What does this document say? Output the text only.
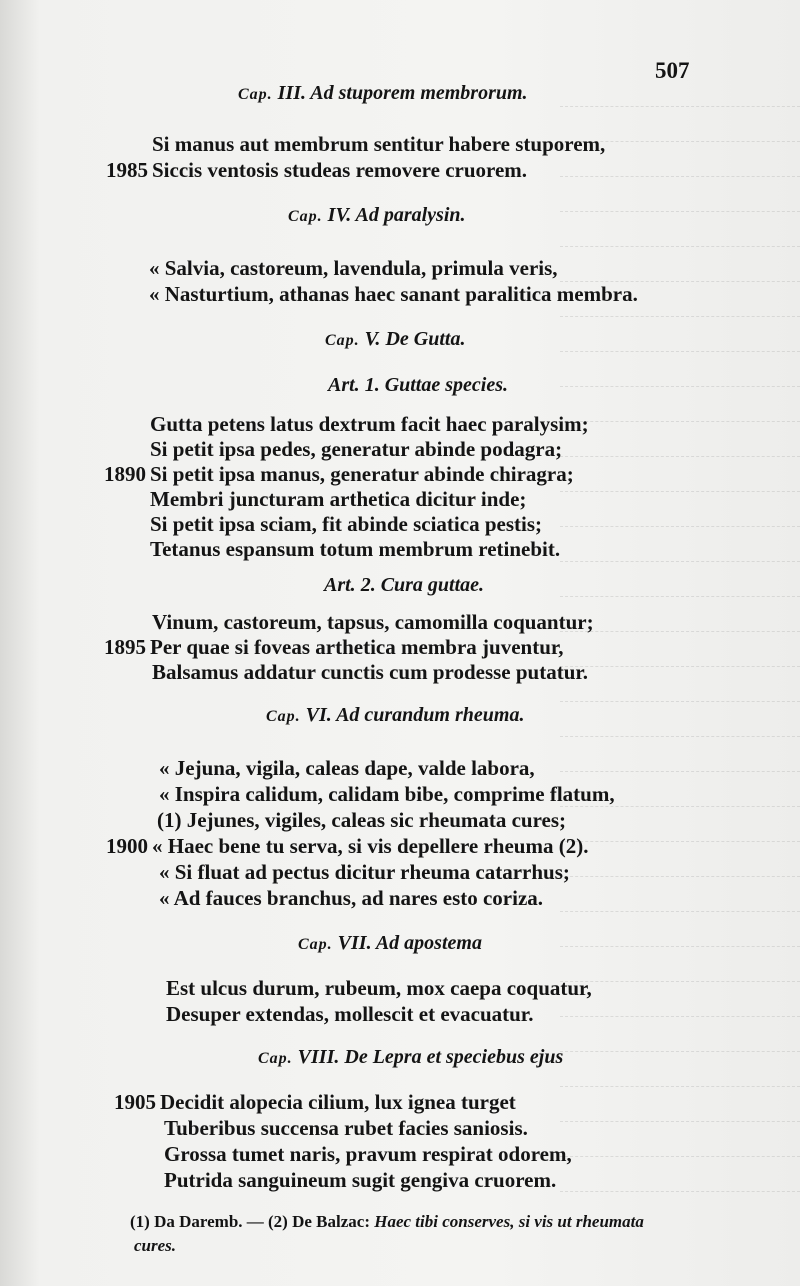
507
Cap. III. Ad stuporem membrorum.
Si manus aut membrum sentitur habere stuporem,
1985 Siccis ventosis studeas removere cruorem.
Cap. IV. Ad paralysin.
« Salvia, castoreum, lavendula, primula veris,
« Nasturtium, athanas haec sanant paralitica membra.
Cap. V. De Gutta.
Art. 1. Guttae species.
Gutta petens latus dextrum facit haec paralysim;
Si petit ipsa pedes, generatur abinde podagra;
1890 Si petit ipsa manus, generatur abinde chiragra;
Membri juncturam arthetica dicitur inde;
Si petit ipsa sciam, fit abinde sciatica pestis;
Tetanus espansum totum membrum retinebit.
Art. 2. Cura guttae.
Vinum, castoreum, tapsus, camomilla coquantur;
1895 Per quae si foveas arthetica membra juventur,
Balsamus addatur cunctis cum prodesse putatur.
Cap. VI. Ad curandum rheuma.
« Jejuna, vigila, caleas dape, valde labora,
« Inspira calidum, calidam bibe, comprime flatum,
(1) Jejunes, vigiles, caleas sic rheumata cures;
1900 « Haec bene tu serva, si vis depellere rheuma (2).
« Si fluat ad pectus dicitur rheuma catarrhus;
« Ad fauces branchus, ad nares esto coriza.
Cap. VII. Ad apostema
Est ulcus durum, rubeum, mox caepa coquatur,
Desuper extendas, mollescit et evacuatur.
Cap. VIII. De Lepra et speciebus ejus
1905 Decidit alopecia cilium, lux ignea turget
Tuberibus succensa rubet facies saniosis.
Grossa tumet naris, pravum respirat odorem,
Putrida sanguineum sugit gengiva cruorem.
(1) Da Daremb. — (2) De Balzac: Haec tibi conserves, si vis ut rheumata
cures.
